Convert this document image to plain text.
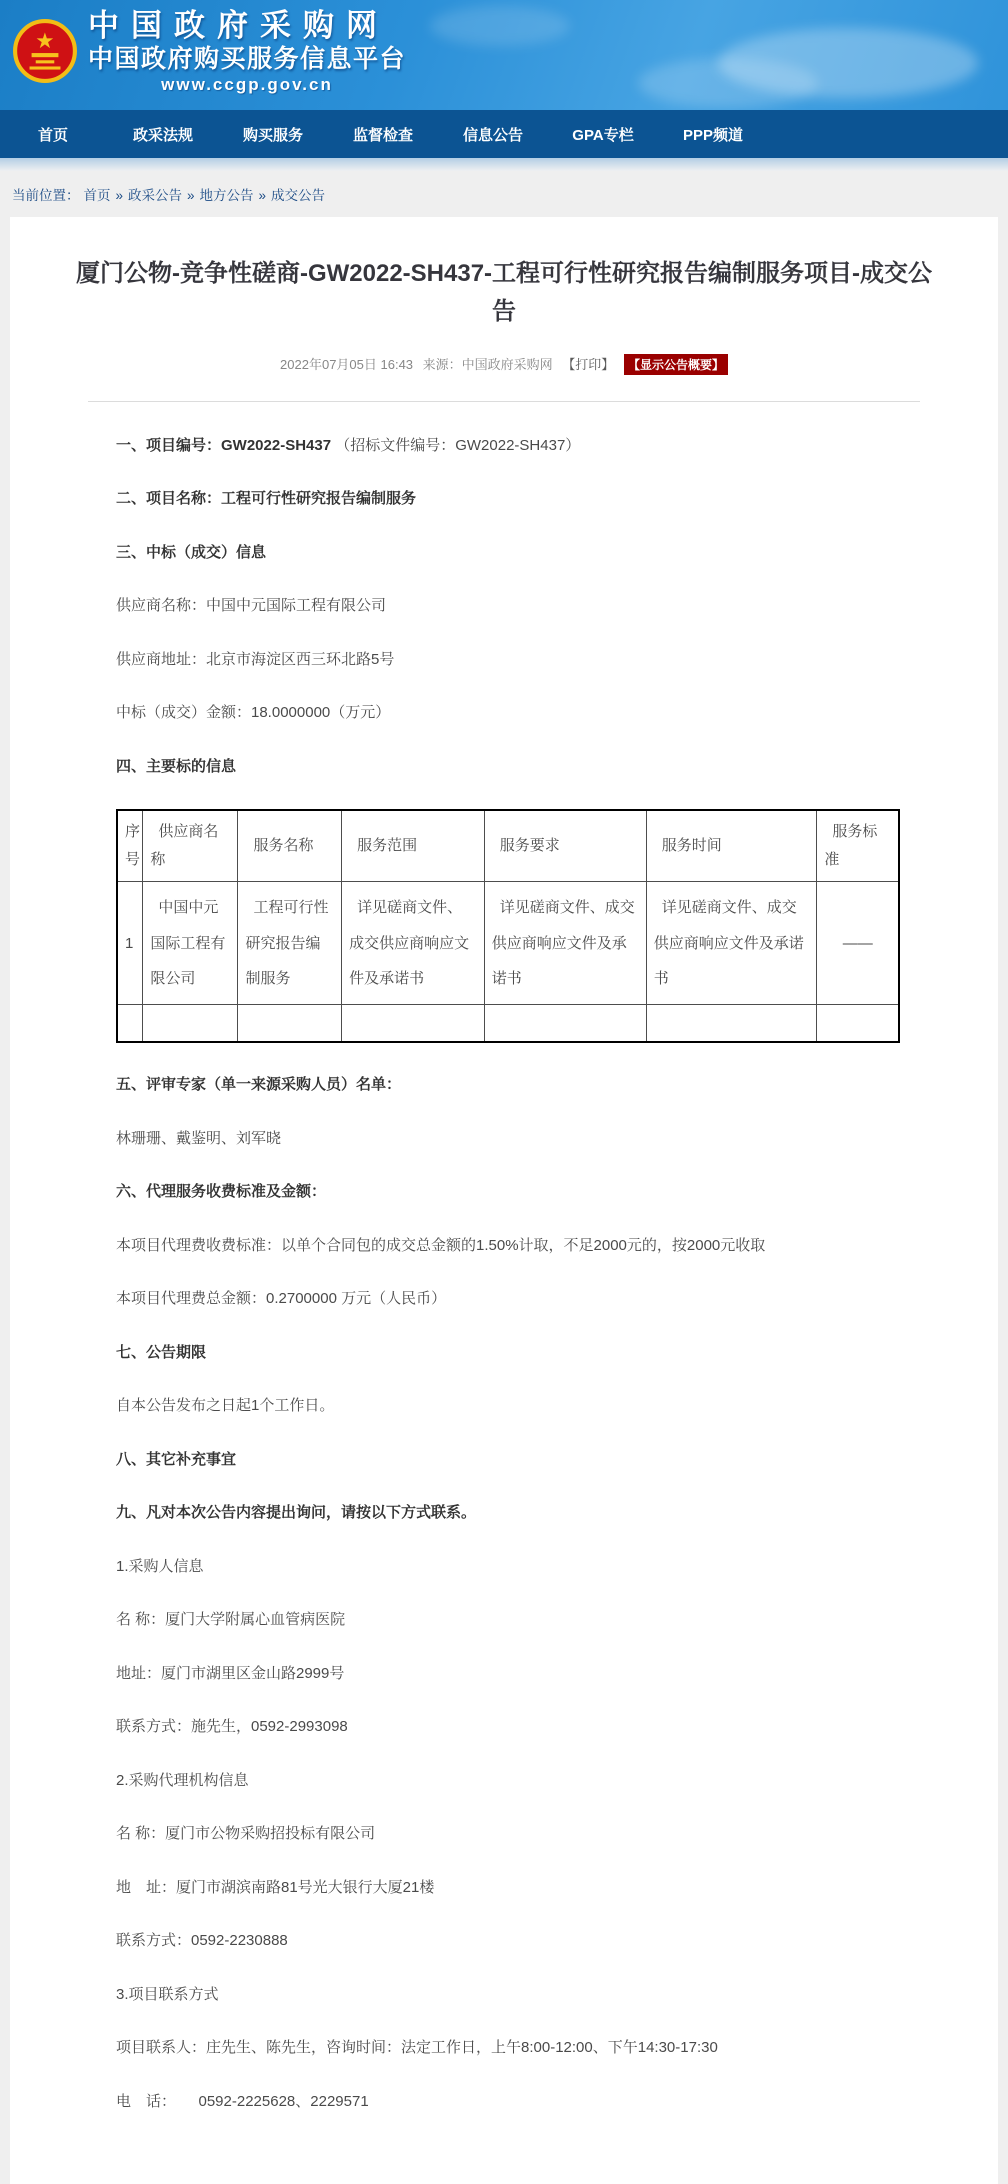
★ 中国政府采购网
中国政府购买服务信息平台
www.ccgp.gov.cn
首页	政采法规	购买服务	监督检查	信息公告	GPA专栏	PPP频道
当前位置： 首页 » 政采公告 » 地方公告 » 成交公告
厦门公物-竞争性磋商-GW2022-SH437-工程可行性研究报告编制服务项目-成交公告
2022年07月05日 16:43 来源：中国政府采购网 【打印】 【显示公告概要】

一、项目编号：GW2022-SH437 （招标文件编号：GW2022-SH437）

二、项目名称：工程可行性研究报告编制服务

三、中标（成交）信息

供应商名称：中国中元国际工程有限公司

供应商地址：北京市海淀区西三环北路5号

中标（成交）金额：18.0000000（万元）

四、主要标的信息

序号	供应商名称	服务名称	服务范围	服务要求	服务时间	服务标准
1	中国中元国际工程有限公司	工程可行性研究报告编制服务	详见磋商文件、成交供应商响应文件及承诺书	详见磋商文件、成交供应商响应文件及承诺书	详见磋商文件、成交供应商响应文件及承诺书	——

五、评审专家（单一来源采购人员）名单：

林珊珊、戴鉴明、刘军晓

六、代理服务收费标准及金额：

本项目代理费收费标准：以单个合同包的成交总金额的1.50%计取，不足2000元的，按2000元收取

本项目代理费总金额：0.2700000 万元（人民币）

七、公告期限

自本公告发布之日起1个工作日。

八、其它补充事宜

九、凡对本次公告内容提出询问，请按以下方式联系。

1.采购人信息

名 称：厦门大学附属心血管病医院

地址：厦门市湖里区金山路2999号

联系方式：施先生，0592-2993098

2.采购代理机构信息

名 称：厦门市公物采购招投标有限公司

地　址：厦门市湖滨南路81号光大银行大厦21楼

联系方式：0592-2230888

3.项目联系方式

项目联系人：庄先生、陈先生，咨询时间：法定工作日，上午8:00-12:00、下午14:30-17:30

电　话：　　0592-2225628、2229571
